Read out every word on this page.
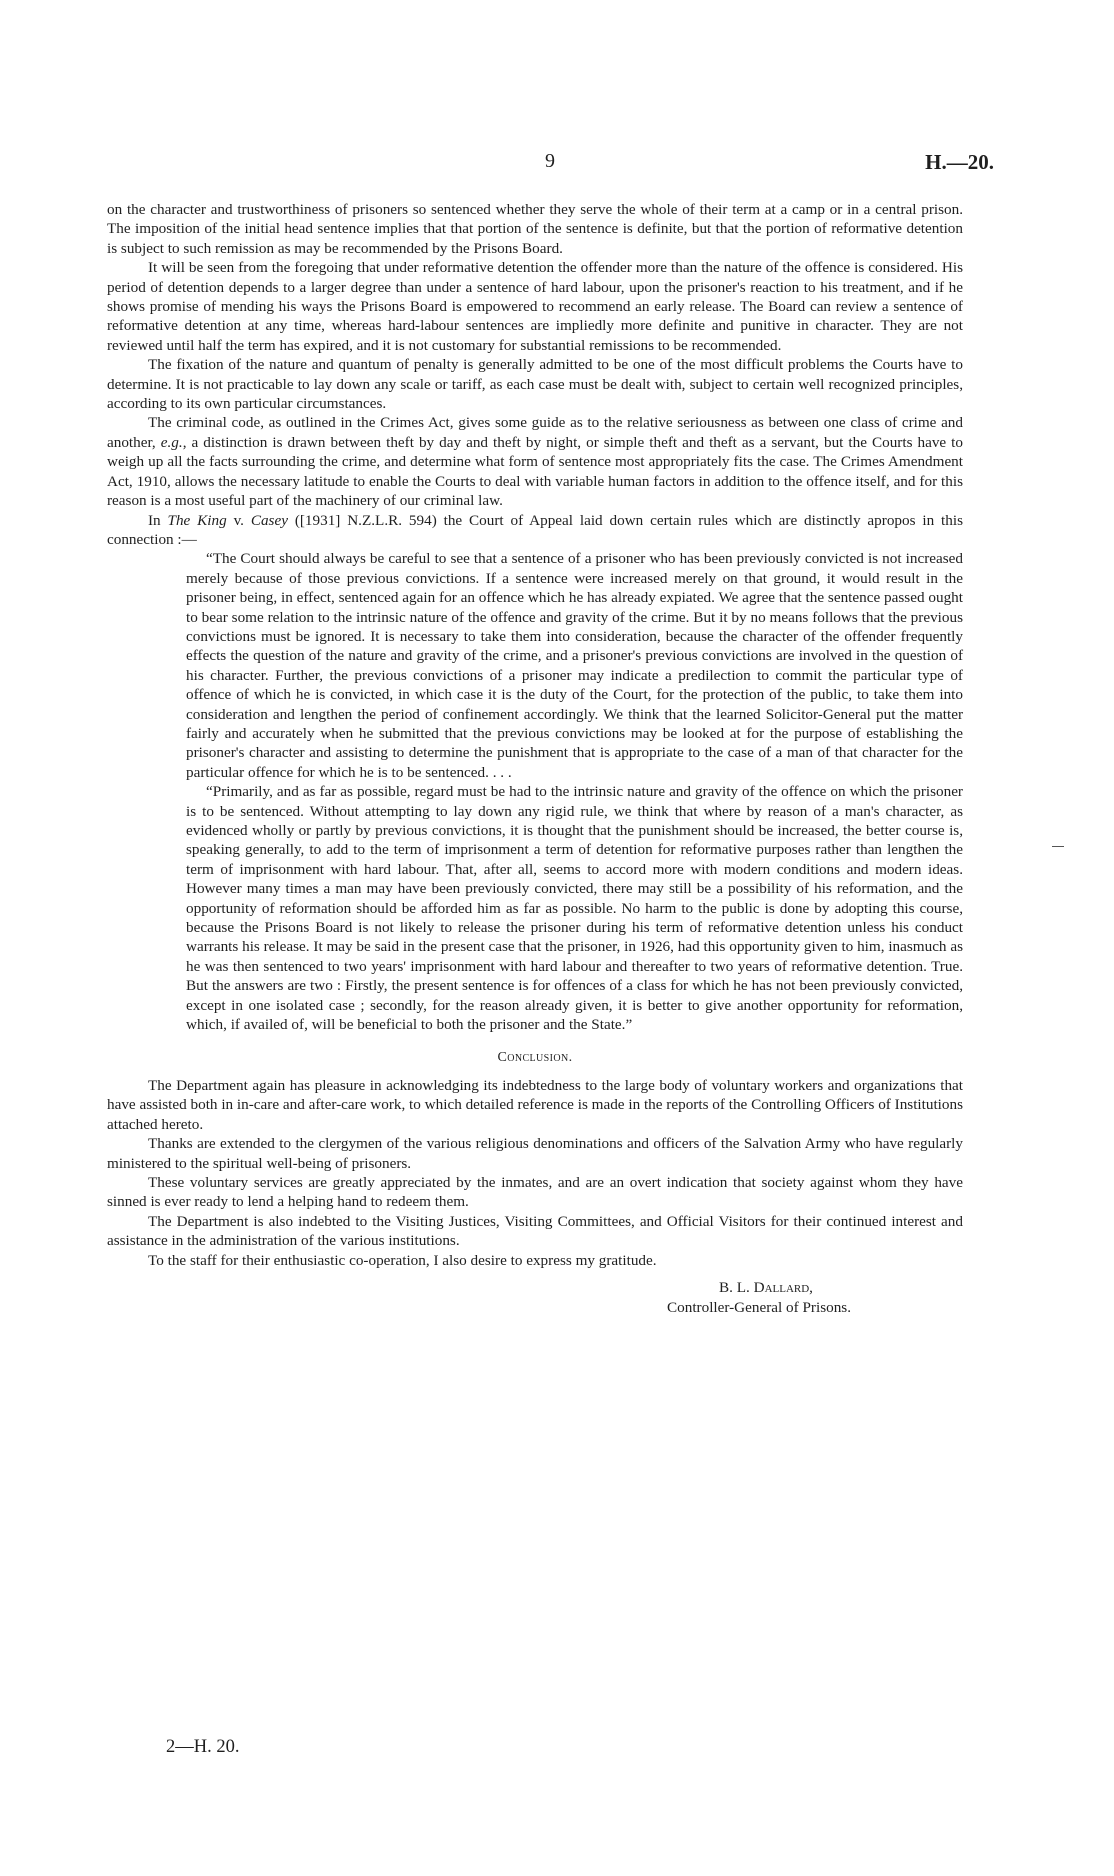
9	H.—20.

on the character and trustworthiness of prisoners so sentenced whether they serve the whole of their term at a camp or in a central prison. The imposition of the initial head sentence implies that that portion of the sentence is definite, but that the portion of reformative detention is subject to such remission as may be recommended by the Prisons Board.

It will be seen from the foregoing that under reformative detention the offender more than the nature of the offence is considered. His period of detention depends to a larger degree than under a sentence of hard labour, upon the prisoner's reaction to his treatment, and if he shows promise of mending his ways the Prisons Board is empowered to recommend an early release. The Board can review a sentence of reformative detention at any time, whereas hard-labour sentences are impliedly more definite and punitive in character. They are not reviewed until half the term has expired, and it is not customary for substantial remissions to be recommended.

The fixation of the nature and quantum of penalty is generally admitted to be one of the most difficult problems the Courts have to determine. It is not practicable to lay down any scale or tariff, as each case must be dealt with, subject to certain well recognized principles, according to its own particular circumstances.

The criminal code, as outlined in the Crimes Act, gives some guide as to the relative seriousness as between one class of crime and another, e.g., a distinction is drawn between theft by day and theft by night, or simple theft and theft as a servant, but the Courts have to weigh up all the facts surrounding the crime, and determine what form of sentence most appropriately fits the case. The Crimes Amendment Act, 1910, allows the necessary latitude to enable the Courts to deal with variable human factors in addition to the offence itself, and for this reason is a most useful part of the machinery of our criminal law.

In The King v. Casey ([1931] N.Z.L.R. 594) the Court of Appeal laid down certain rules which are distinctly apropos in this connection :—

“The Court should always be careful to see that a sentence of a prisoner who has been previously convicted is not increased merely because of those previous convictions. If a sentence were increased merely on that ground, it would result in the prisoner being, in effect, sentenced again for an offence which he has already expiated. We agree that the sentence passed ought to bear some relation to the intrinsic nature of the offence and gravity of the crime. But it by no means follows that the previous convictions must be ignored. It is necessary to take them into consideration, because the character of the offender frequently effects the question of the nature and gravity of the crime, and a prisoner's previous convictions are involved in the question of his character. Further, the previous convictions of a prisoner may indicate a predilection to commit the particular type of offence of which he is convicted, in which case it is the duty of the Court, for the protection of the public, to take them into consideration and lengthen the period of confinement accordingly. We think that the learned Solicitor-General put the matter fairly and accurately when he submitted that the previous convictions may be looked at for the purpose of establishing the prisoner's character and assisting to determine the punishment that is appropriate to the case of a man of that character for the particular offence for which he is to be sentenced. . . .

“Primarily, and as far as possible, regard must be had to the intrinsic nature and gravity of the offence on which the prisoner is to be sentenced. Without attempting to lay down any rigid rule, we think that where by reason of a man's character, as evidenced wholly or partly by previous convictions, it is thought that the punishment should be increased, the better course is, speaking generally, to add to the term of imprisonment a term of detention for reformative purposes rather than lengthen the term of imprisonment with hard labour. That, after all, seems to accord more with modern conditions and modern ideas. However many times a man may have been previously convicted, there may still be a possibility of his reformation, and the opportunity of reformation should be afforded him as far as possible. No harm to the public is done by adopting this course, because the Prisons Board is not likely to release the prisoner during his term of reformative detention unless his conduct warrants his release. It may be said in the present case that the prisoner, in 1926, had this opportunity given to him, inasmuch as he was then sentenced to two years' imprisonment with hard labour and thereafter to two years of reformative detention. True. But the answers are two : Firstly, the present sentence is for offences of a class for which he has not been previously convicted, except in one isolated case ; secondly, for the reason already given, it is better to give another opportunity for reformation, which, if availed of, will be beneficial to both the prisoner and the State.”

Conclusion.

The Department again has pleasure in acknowledging its indebtedness to the large body of voluntary workers and organizations that have assisted both in in-care and after-care work, to which detailed reference is made in the reports of the Controlling Officers of Institutions attached hereto.

Thanks are extended to the clergymen of the various religious denominations and officers of the Salvation Army who have regularly ministered to the spiritual well-being of prisoners.

These voluntary services are greatly appreciated by the inmates, and are an overt indication that society against whom they have sinned is ever ready to lend a helping hand to redeem them.

The Department is also indebted to the Visiting Justices, Visiting Committees, and Official Visitors for their continued interest and assistance in the administration of the various institutions.

To the staff for their enthusiastic co-operation, I also desire to express my gratitude.

B. L. Dallard,
Controller-General of Prisons.
2—H. 20.
